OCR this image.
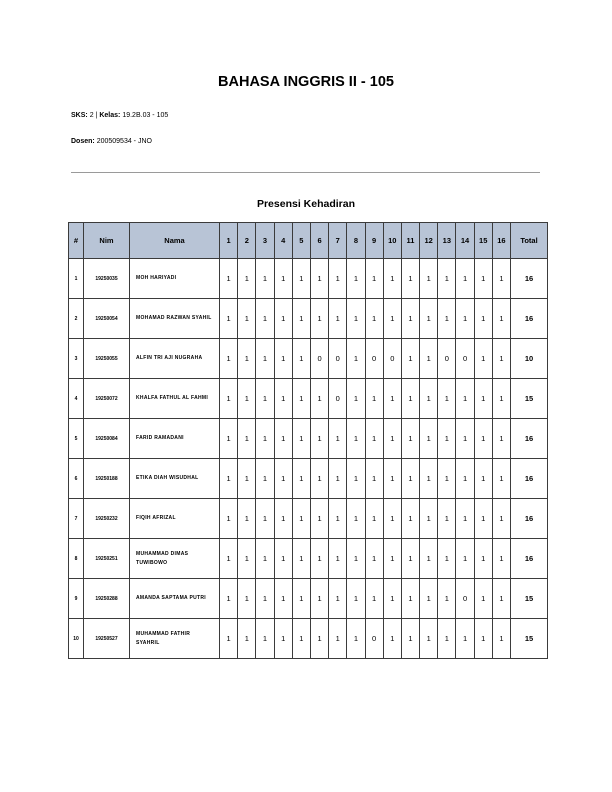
BAHASA INGGRIS II - 105
SKS: 2 | Kelas: 19.2B.03 - 105
Dosen: 200509534 - JNO
Presensi Kehadiran
#	Nim	Nama	1	2	3	4	5	6	7	8	9	10	11	12	13	14	15	16	Total
1	19250035	MOH HARIYADI	1	1	1	1	1	1	1	1	1	1	1	1	1	1	1	1	16
2	19250054	MOHAMAD RAZWAN SYAHIL	1	1	1	1	1	1	1	1	1	1	1	1	1	1	1	1	16
3	19250055	ALFIN TRI AJI NUGRAHA	1	1	1	1	1	0	0	1	0	0	1	1	0	0	1	1	10
4	19250072	KHALFA FATHUL AL FAHMI	1	1	1	1	1	1	0	1	1	1	1	1	1	1	1	1	15
5	19250084	FARID RAMADANI	1	1	1	1	1	1	1	1	1	1	1	1	1	1	1	1	16
6	19250188	ETIKA DIAH WISUDHAL	1	1	1	1	1	1	1	1	1	1	1	1	1	1	1	1	16
7	19250232	FIQIH AFRIZAL	1	1	1	1	1	1	1	1	1	1	1	1	1	1	1	1	16
8	19250251	MUHAMMAD DIMAS TUWIBOWO	1	1	1	1	1	1	1	1	1	1	1	1	1	1	1	1	16
9	19250288	AMANDA SAPTAMA PUTRI	1	1	1	1	1	1	1	1	1	1	1	1	1	0	1	1	15
10	19250527	MUHAMMAD FATHIR SYAHRIL	1	1	1	1	1	1	1	1	0	1	1	1	1	1	1	1	15
